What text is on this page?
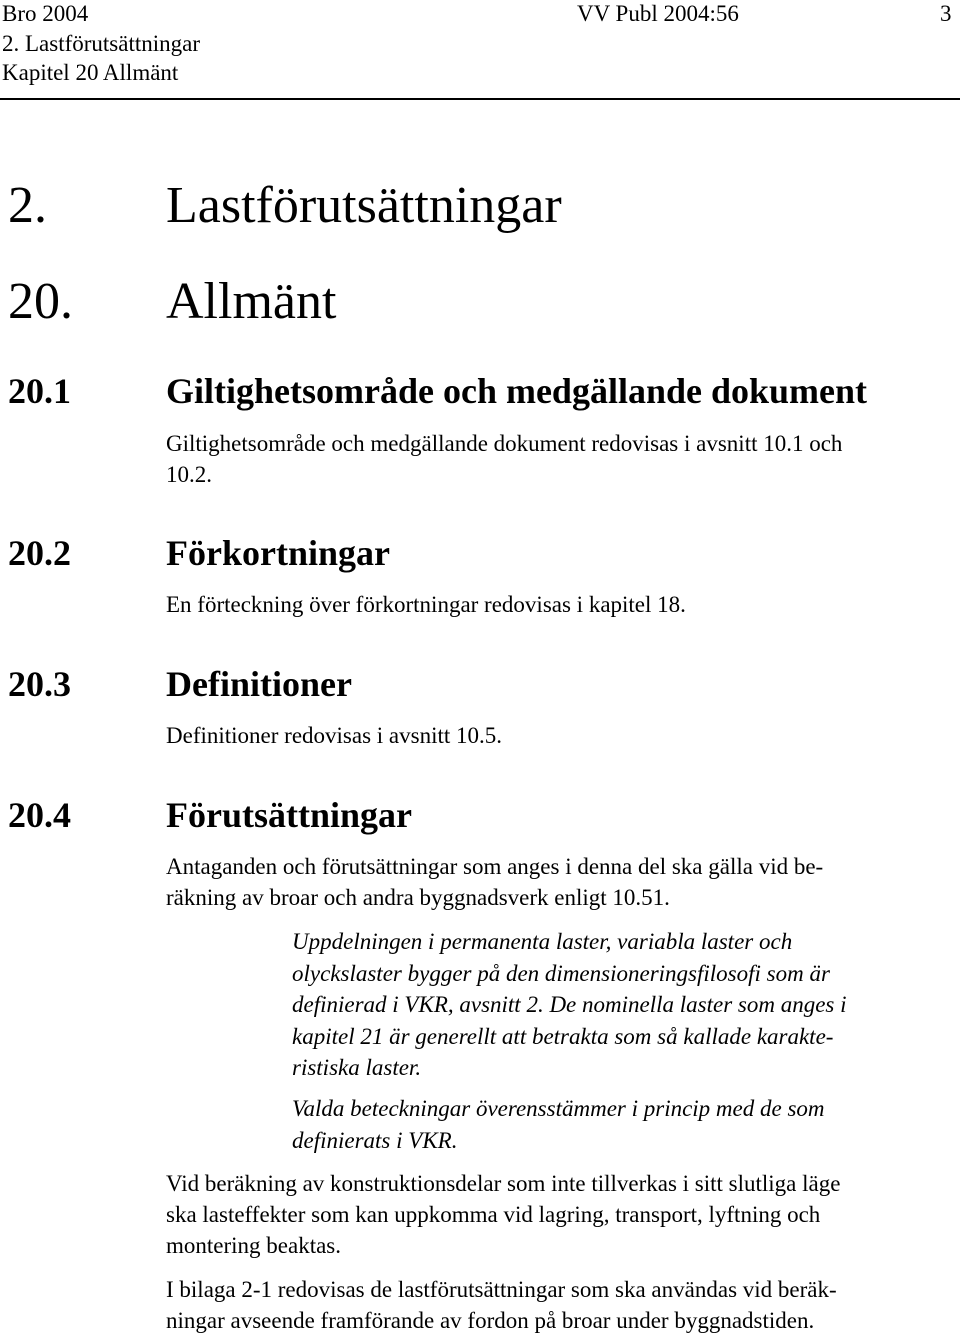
Bro 2004
2. Lastförutsättningar
Kapitel 20 Allmänt
VV Publ 2004:56	3
2. Lastförutsättningar
20. Allmänt
20.1	Giltighetsområde och medgällande dokument
Giltighetsområde och medgällande dokument redovisas i avsnitt 10.1 och
10.2.
20.2	Förkortningar
En förteckning över förkortningar redovisas i kapitel 18.
20.3	Definitioner
Definitioner redovisas i avsnitt 10.5.
20.4	Förutsättningar
Antaganden och förutsättningar som anges i denna del ska gälla vid be-
räkning av broar och andra byggnadsverk enligt 10.51.
Uppdelningen i permanenta laster, variabla laster och
olyckslaster bygger på den dimensioneringsfilosofi som är
definierad i VKR, avsnitt 2. De nominella laster som anges i
kapitel 21 är generellt att betrakta som så kallade karakte-
ristiska laster.
Valda beteckningar överensstämmer i princip med de som
definierats i VKR.
Vid beräkning av konstruktionsdelar som inte tillverkas i sitt slutliga läge
ska lasteffekter som kan uppkomma vid lagring, transport, lyftning och
montering beaktas.
I bilaga 2-1 redovisas de lastförutsättningar som ska användas vid beräk-
ningar avseende framförande av fordon på broar under byggnadstiden.
